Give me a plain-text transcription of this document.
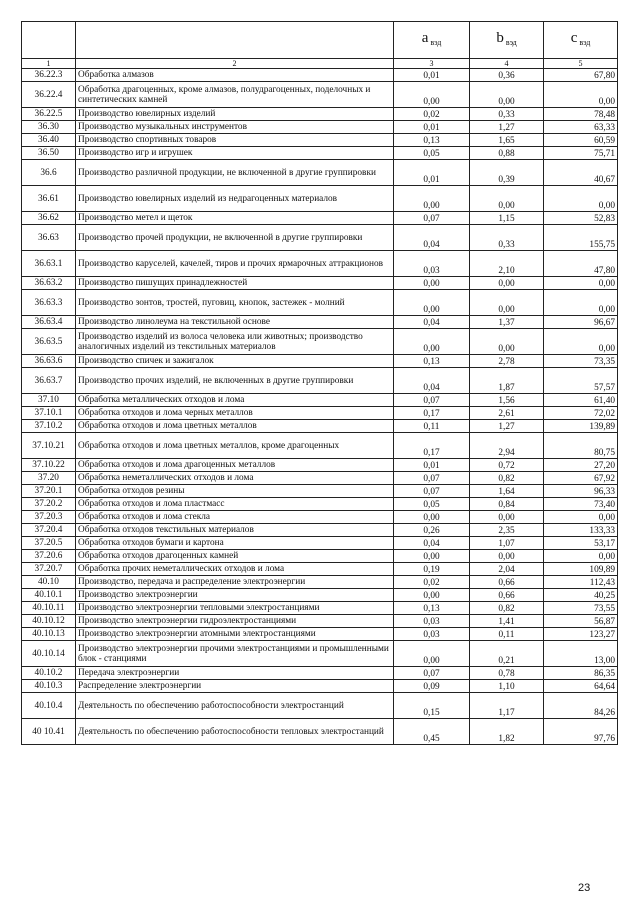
		a $_{вэд}$	b $_{вэд}$	c $_{вэд}$
1	2	3	4	5
36.22.3	Обработка алмазов	0,01	0,36	67,80
36.22.4	Обработка драгоценных, кроме алмазов, полудрагоценных, поделочных и синтетических камней	0,00	0,00	0,00
36.22.5	Производство ювелирных изделий	0,02	0,33	78,48
36.30	Производство музыкальных инструментов	0,01	1,27	63,33
36.40	Производство спортивных товаров	0,13	1,65	60,59
36.50	Производство игр и игрушек	0,05	0,88	75,71
36.6	Производство различной продукции, не включенной в другие группировки	0,01	0,39	40,67
36.61	Производство ювелирных изделий из недрагоценных материалов	0,00	0,00	0,00
36.62	Производство метел и щеток	0,07	1,15	52,83
36.63	Производство прочей продукции, не включенной в другие группировки	0,04	0,33	155,75
36.63.1	Производство каруселей, качелей, тиров и прочих ярмарочных аттракционов	0,03	2,10	47,80
36.63.2	Производство пишущих принадлежностей	0,00	0,00	0,00
36.63.3	Производство зонтов, тростей, пуговиц, кнопок, застежек - молний	0,00	0,00	0,00
36.63.4	Производство линолеума на текстильной основе	0,04	1,37	96,67
36.63.5	Производство изделий из волоса человека или животных; производство аналогичных изделий из текстильных материалов	0,00	0,00	0,00
36.63.6	Производство спичек и зажигалок	0,13	2,78	73,35
36.63.7	Производство прочих изделий, не включенных в другие группировки	0,04	1,87	57,57
37.10	Обработка металлических отходов и лома	0,07	1,56	61,40
37.10.1	Обработка отходов и лома черных металлов	0,17	2,61	72,02
37.10.2	Обработка отходов и лома цветных металлов	0,11	1,27	139,89
37.10.21	Обработка отходов и лома цветных металлов, кроме драгоценных	0,17	2,94	80,75
37.10.22	Обработка отходов и лома драгоценных металлов	0,01	0,72	27,20
37.20	Обработка неметаллических отходов и лома	0,07	0,82	67,92
37.20.1	Обработка отходов резины	0,07	1,64	96,33
37.20.2	Обработка отходов и лома пластмасс	0,05	0,84	73,40
37.20.3	Обработка отходов и лома стекла	0,00	0,00	0,00
37.20.4	Обработка отходов текстильных материалов	0,26	2,35	133,33
37.20.5	Обработка отходов бумаги и картона	0,04	1,07	53,17
37.20.6	Обработка отходов драгоценных камней	0,00	0,00	0,00
37.20.7	Обработка прочих неметаллических отходов и лома	0,19	2,04	109,89
40.10	Производство, передача и распределение электроэнергии	0,02	0,66	112,43
40.10.1	Производство электроэнергии	0,00	0,66	40,25
40.10.11	Производство электроэнергии тепловыми электростанциями	0,13	0,82	73,55
40.10.12	Производство электроэнергии гидроэлектростанциями	0,03	1,41	56,87
40.10.13	Производство электроэнергии атомными электростанциями	0,03	0,11	123,27
40.10.14	Производство электроэнергии прочими электростанциями и промышленными блок - станциями	0,00	0,21	13,00
40.10.2	Передача электроэнергии	0,07	0,78	86,35
40.10.3	Распределение электроэнергии	0,09	1,10	64,64
40.10.4	Деятельность по обеспечению работоспособности электростанций	0,15	1,17	84,26
40 10.41	Деятельность по обеспечению работоспособности тепловых электростанций	0,45	1,82	97,76
23
